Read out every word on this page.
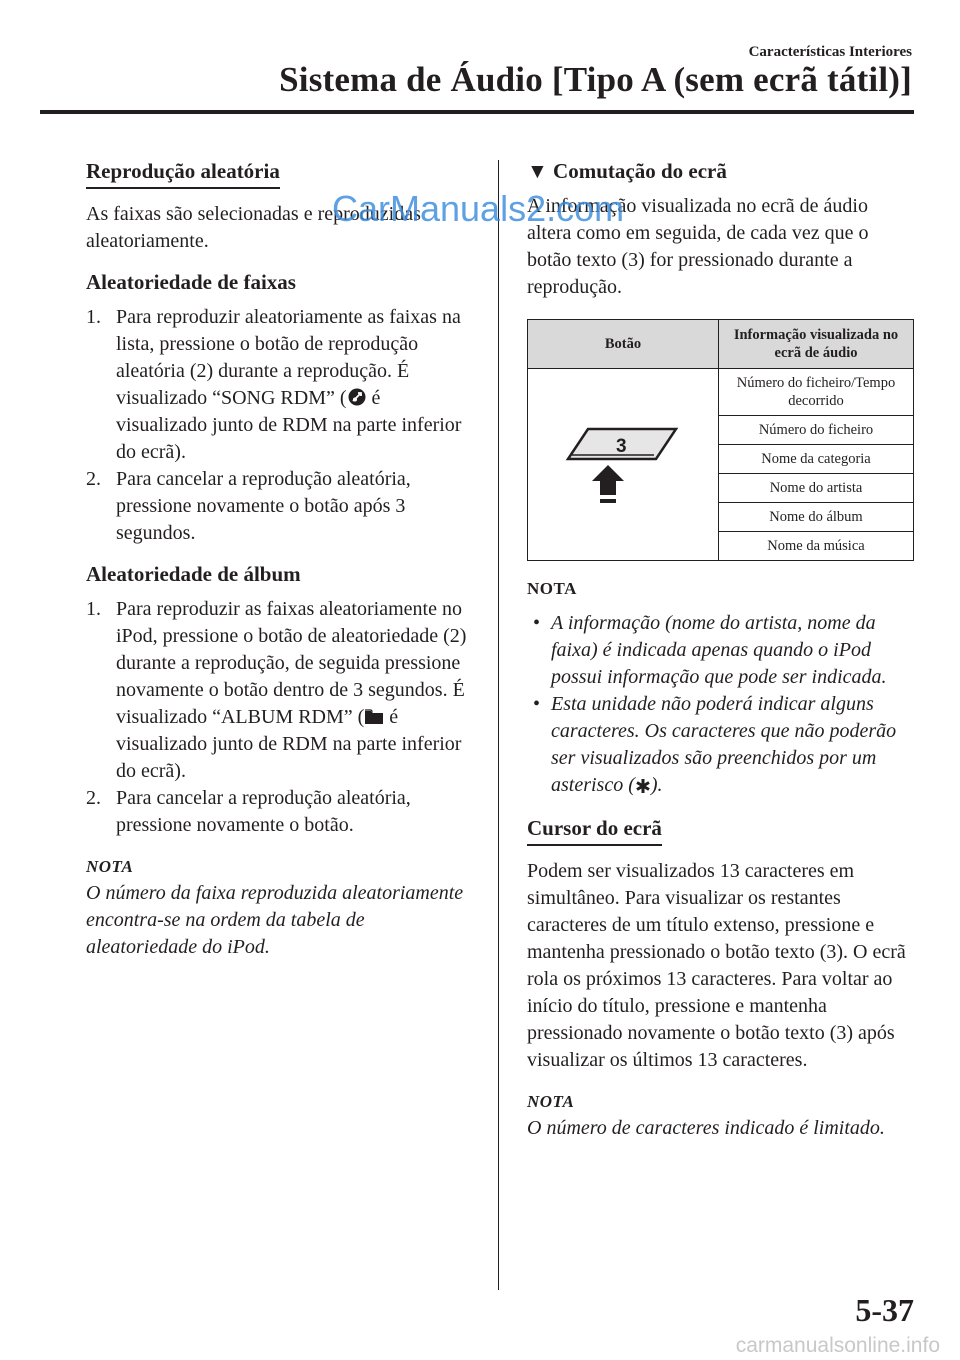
Características Interiores
Sistema de Áudio [Tipo A (sem ecrã tátil)]
Reprodução aleatória

As faixas são selecionadas e reproduzidas aleatoriamente.

Aleatoriedade de faixas
1. Para reproduzir aleatoriamente as faixas na lista, pressione o botão de reprodução aleatória (2) durante a reprodução. É visualizado “SONG RDM” ( é visualizado junto de RDM na parte inferior do ecrã).
2. Para cancelar a reprodução aleatória, pressione novamente o botão após 3 segundos.
Aleatoriedade de álbum
1. Para reproduzir as faixas aleatoriamente no iPod, pressione o botão de aleatoriedade (2) durante a reprodução, de seguida pressione novamente o botão dentro de 3 segundos. É visualizado “ALBUM RDM” ( é visualizado junto de RDM na parte inferior do ecrã).
2. Para cancelar a reprodução aleatória, pressione novamente o botão.
NOTA

O número da faixa reproduzida aleatoriamente encontra-se na ordem da tabela de aleatoriedade do iPod.

▼ Comutação do ecrã

A informação visualizada no ecrã de áudio altera como em seguida, de cada vez que o botão texto (3) for pressionado durante a reprodução.

Botão	Informação visualizada no ecrã de áudio

3	Número do ficheiro/Tempo decorrido
	Número do ficheiro
	Nome da categoria
	Nome do artista
	Nome do álbum
	Nome da música
NOTA
• A informação (nome do artista, nome da faixa) é indicada apenas quando o iPod possui informação que pode ser indicada.
• Esta unidade não poderá indicar alguns caracteres. Os caracteres que não poderão ser visualizados são preenchidos por um asterisco ( ).
Cursor do ecrã

Podem ser visualizados 13 caracteres em simultâneo. Para visualizar os restantes caracteres de um título extenso, pressione e mantenha pressionado o botão texto (3). O ecrã rola os próximos 13 caracteres. Para voltar ao início do título, pressione e mantenha pressionado novamente o botão texto (3) após visualizar os últimos 13 caracteres.

NOTA

O número de caracteres indicado é limitado.

5-37
CarManuals2.com
carmanualsonline.info
